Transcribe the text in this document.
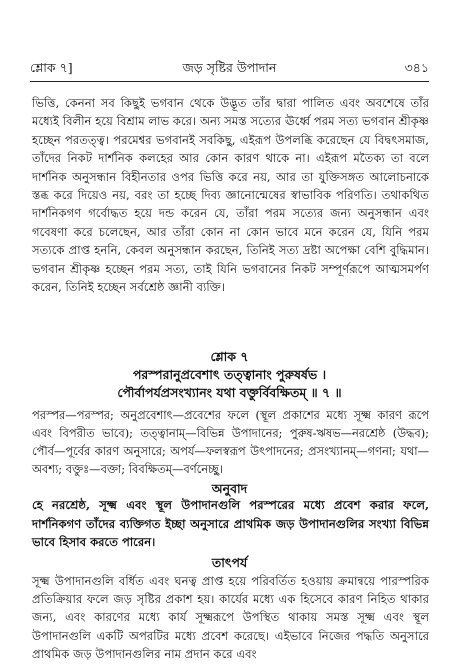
শ্লোক ৭]	জড় সৃষ্টির উপাদান	৩৪১
ভিত্তি, কেননা সব কিছুই ভগবান থেকে উদ্ভূত তাঁর দ্বারা পালিত এবং অবশেষে তাঁর মধ্যেই বিলীন হয়ে বিশ্রাম লাভ করে। অন্য সমস্ত সত্যের ঊর্ধ্বে পরম সত্য ভগবান শ্রীকৃষ্ণ হচ্ছেন পরতত্ত্ব। পরমেশ্বর ভগবানই সবকিছু, এইরূপ উপলব্ধি করেছেন যে বিদ্বৎসমাজ, তাঁদের নিকট দার্শনিক কলহের আর কোন কারণ থাকে না। এইরূপ মতৈক্য তা বলে দার্শনিক অনুসন্ধান বিহীনতার ওপর ভিত্তি করে নয়, আর তা যুক্তিসঙ্গত আলোচনাকে স্তব্ধ করে দিয়েও নয়, বরং তা হচ্ছে দিব্য জ্ঞানোন্মেষের স্বাভাবিক পরিণতি। তথাকথিত দার্শনিকগণ গর্বোদ্ধত হয়ে দন্ড করেন যে, তাঁরা পরম সত্যের জন্য অনুসন্ধান এবং গবেষণা করে চলেছেন, আর তাঁরা কোন না কোন ভাবে মনে করেন যে, যিনি পরম সত্যকে প্রাপ্ত হননি, কেবল অনুসন্ধান করছেন, তিনিই সত্য দ্রষ্টা অপেক্ষা বেশি বুদ্ধিমান। ভগবান শ্রীকৃষ্ণ হচ্ছেন পরম সত্য, তাই যিনি ভগবানের নিকট সম্পূর্ণরূপে আত্মসমর্পণ করেন, তিনিই হচ্ছেন সর্বশ্রেষ্ঠ জ্ঞানী ব্যক্তি।
শ্লোক ৭
পরস্পরানুপ্রবেশাৎ তত্ত্বানাং পুরুষর্ষভ ।
পৌর্বাপর্যপ্রসংখ্যানং যথা বক্তুর্বিবক্ষিতম্ ॥ ৭ ॥
পরস্পর—পরস্পর; অনুপ্রবেশাৎ—প্রবেশের ফলে (স্থূল প্রকাশের মধ্যে সূক্ষ্ম কারণ রূপে এবং বিপরীত ভাবে); তত্ত্বানাম্—বিভিন্ন উপাদানের; পুরুষ-ঋষভ—নরশ্রেষ্ঠ (উদ্ধব); পৌর্ব—পূর্বের কারণ অনুসারে; অপর্য—ফলস্বরূপ উৎপাদনের; প্রসংখ্যানম্—গণনা; যথা—অবশ্য; বক্তুঃ—বক্তা; বিবক্ষিতম্—বর্ণনেচ্ছু।
অনুবাদ
হে নরশ্রেষ্ঠ, সূক্ষ্ম এবং স্থূল উপাদানগুলি পরস্পরের মধ্যে প্রবেশ করার ফলে, দার্শনিকগণ তাঁদের ব্যক্তিগত ইচ্ছা অনুসারে প্রাথমিক জড় উপাদানগুলির সংখ্যা বিভিন্ন ভাবে হিসাব করতে পারেন।
তাৎপর্য
সূক্ষ্ম উপাদানগুলি বর্ধিত এবং ঘনত্ব প্রাপ্ত হয়ে পরিবর্তিত হওয়ায় ক্রমান্বয়ে পারস্পরিক প্রতিক্রিয়ার ফলে জড় সৃষ্টির প্রকাশ হয়। কার্যের মধ্যে এক হিসেবে কারণ নিহিত থাকার জন্য, এবং কারণের মধ্যে কার্য সূক্ষ্মরূপে উপস্থিত থাকায় সমস্ত সূক্ষ্ম এবং স্থূল উপাদানগুলি একটি অপরটির মধ্যে প্রবেশ করেছে। এইভাবে নিজের পদ্ধতি অনুসারে প্রাথমিক জড় উপাদানগুলির নাম প্রদান করে এবং
